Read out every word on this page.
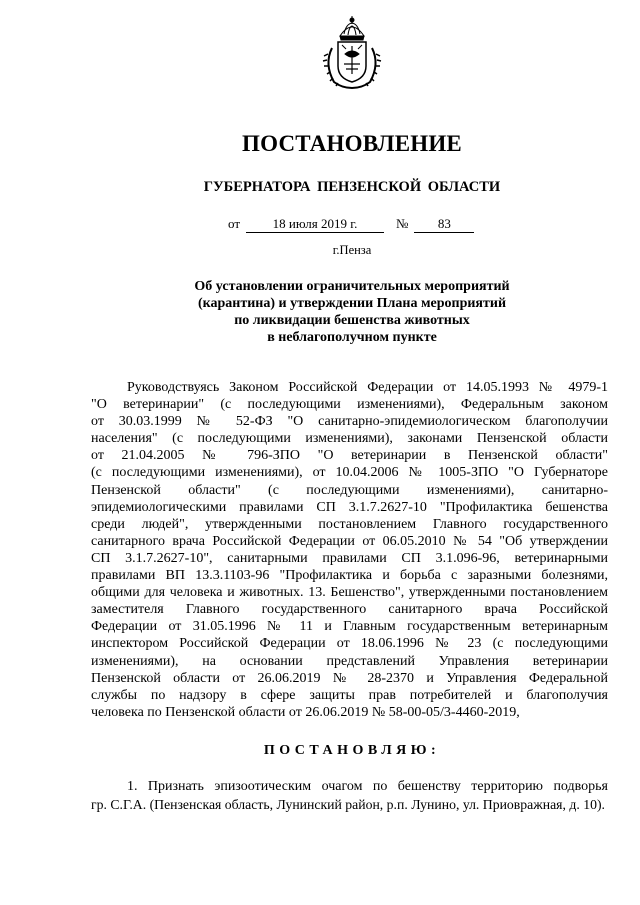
ПОСТАНОВЛЕНИЕ
ГУБЕРНАТОРА ПЕНЗЕНСКОЙ ОБЛАСТИ
от	18 июля 2019 г.	№ 83
г.Пенза
Об установлении ограничительных мероприятий
(карантина) и утверждении Плана мероприятий
по ликвидации бешенства животных
в неблагополучном пункте
Руководствуясь Законом Российской Федерации от 14.05.1993 № 4979-1
"О ветеринарии" (с последующими изменениями), Федеральным законом
от 30.03.1999 № 52-ФЗ "О санитарно-эпидемиологическом благополучии
населения" (с последующими изменениями), законами Пензенской области
от 21.04.2005 № 796-ЗПО "О ветеринарии в Пензенской области"
(с последующими изменениями), от 10.04.2006 № 1005-ЗПО "О Губернаторе
Пензенской области" (с последующими изменениями), санитарно-
эпидемиологическими правилами СП 3.1.7.2627-10 "Профилактика бешенства
среди людей", утвержденными постановлением Главного государственного
санитарного врача Российской Федерации от 06.05.2010 № 54 "Об утверждении
СП 3.1.7.2627-10", санитарными правилами СП 3.1.096-96, ветеринарными
правилами ВП 13.3.1103-96 "Профилактика и борьба с заразными болезнями,
общими для человека и животных. 13. Бешенство", утвержденными постановлением
заместителя Главного государственного санитарного врача Российской
Федерации от 31.05.1996 № 11 и Главным государственным ветеринарным
инспектором Российской Федерации от 18.06.1996 № 23 (с последующими
изменениями), на основании представлений Управления ветеринарии
Пензенской области от 26.06.2019 № 28-2370 и Управления Федеральной
службы по надзору в сфере защиты прав потребителей и благополучия
человека по Пензенской области от 26.06.2019 № 58-00-05/3-4460-2019,
ПОСТАНОВЛЯЮ:
1. Признать эпизоотическим очагом по бешенству территорию подворья
гр. С.Г.А. (Пензенская область, Лунинский район, р.п. Лунино, ул. Приовражная, д. 10).
